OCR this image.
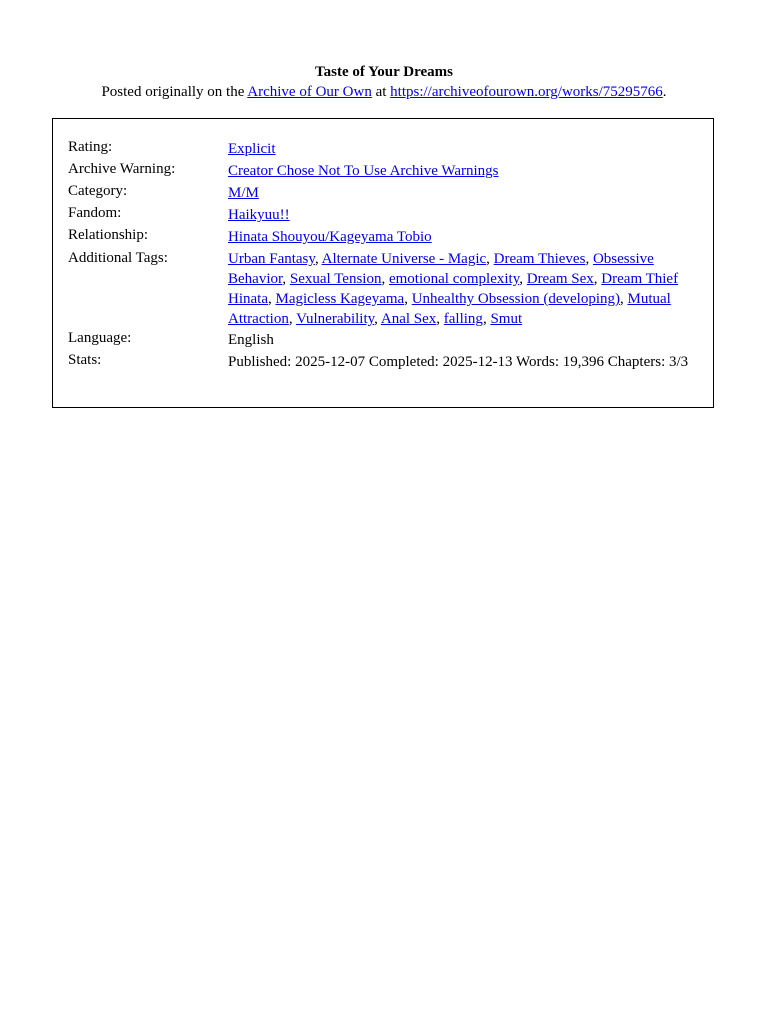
Taste of Your Dreams
Posted originally on the Archive of Our Own at https://archiveofourown.org/works/75295766.
Rating:	Explicit
Archive Warning:	Creator Chose Not To Use Archive Warnings
Category:	M/M
Fandom:	Haikyuu!!
Relationship:	Hinata Shouyou/Kageyama Tobio
Additional Tags:	Urban Fantasy, Alternate Universe - Magic, Dream Thieves, Obsessive Behavior, Sexual Tension, emotional complexity, Dream Sex, Dream Thief Hinata, Magicless Kageyama, Unhealthy Obsession (developing), Mutual Attraction, Vulnerability, Anal Sex, falling, Smut
Language:	English
Stats:	Published: 2025-12-07 Completed: 2025-12-13 Words: 19,396 Chapters: 3/3
